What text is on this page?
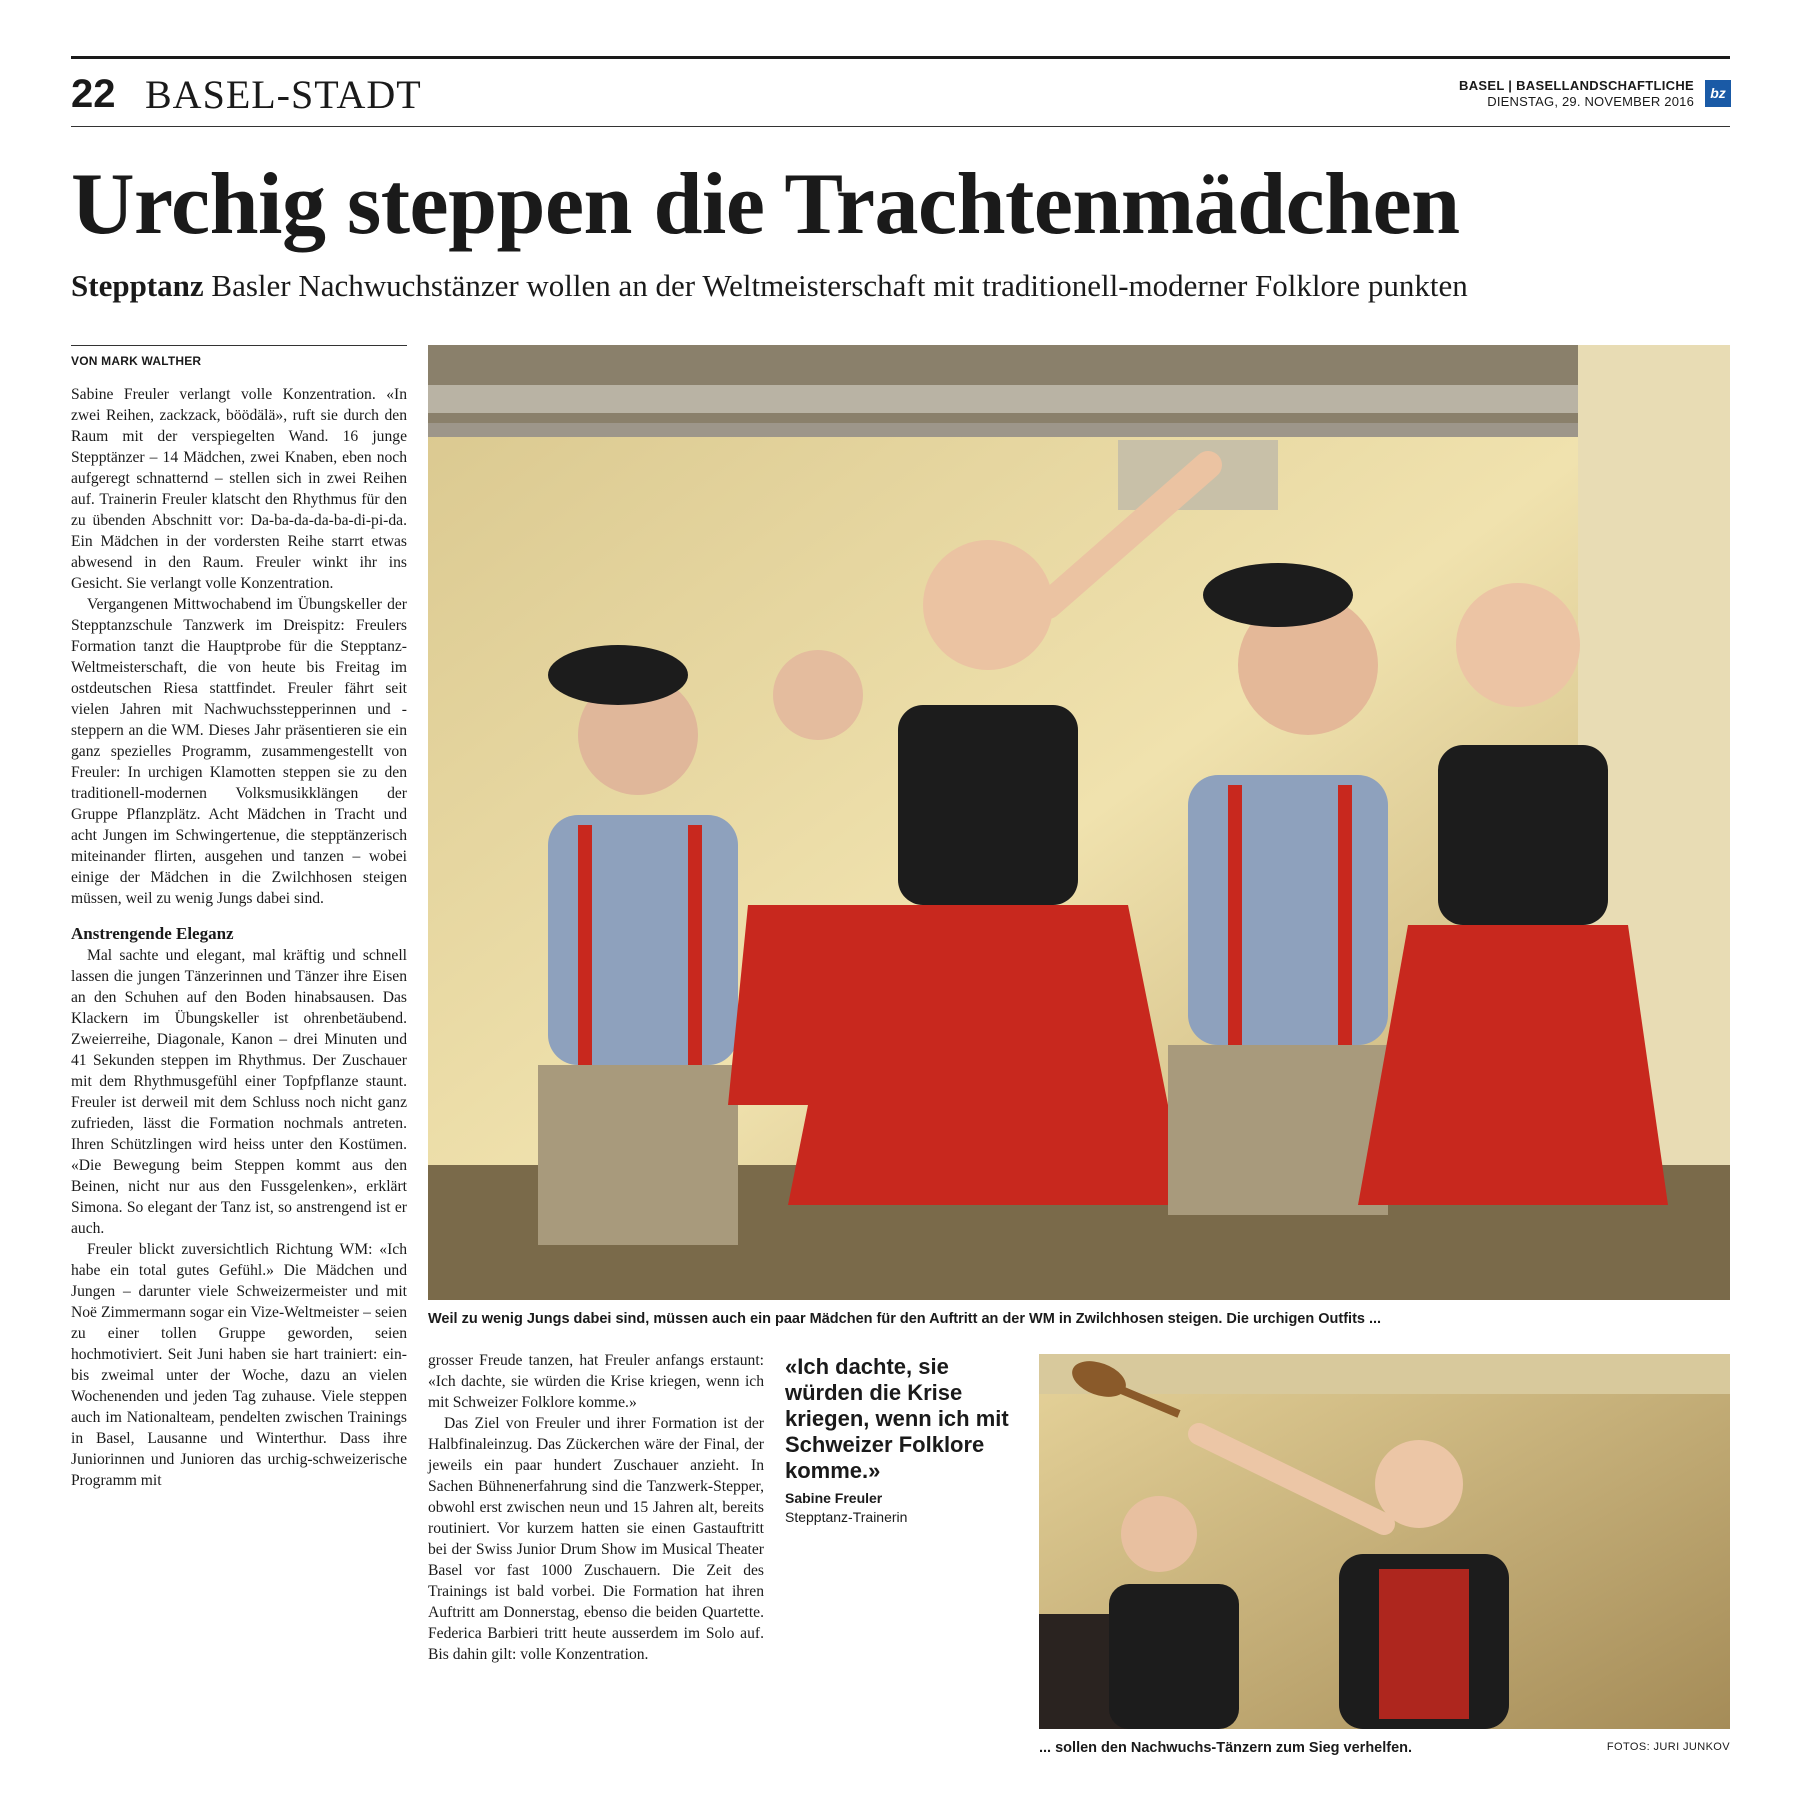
22 BASEL-STADT	BASEL | BASELLANDSCHAFTLICHE
DIENSTAG, 29. NOVEMBER 2016
bz
Urchig steppen die Trachtenmädchen
Stepptanz Basler Nachwuchstänzer wollen an der Weltmeisterschaft mit traditionell-moderner Folklore punkten
VON MARK WALTHER

Sabine Freuler verlangt volle Konzentration. «In zwei Reihen, zackzack, böödälä», ruft sie durch den Raum mit der verspiegelten Wand. 16 junge Stepptänzer – 14 Mädchen, zwei Knaben, eben noch aufgeregt schnatternd – stellen sich in zwei Reihen auf. Trainerin Freuler klatscht den Rhythmus für den zu übenden Abschnitt vor: Da-ba-da-da-ba-di-pi-da. Ein Mädchen in der vordersten Reihe starrt etwas abwesend in den Raum. Freuler winkt ihr ins Gesicht. Sie verlangt volle Konzentration.

Vergangenen Mittwochabend im Übungskeller der Stepptanzschule Tanzwerk im Dreispitz: Freulers Formation tanzt die Hauptprobe für die Stepptanz-Weltmeisterschaft, die von heute bis Freitag im ostdeutschen Riesa stattfindet. Freuler fährt seit vielen Jahren mit Nachwuchsstepperinnen und -steppern an die WM. Dieses Jahr präsentieren sie ein ganz spezielles Programm, zusammengestellt von Freuler: In urchigen Klamotten steppen sie zu den traditionell-modernen Volksmusikklängen der Gruppe Pflanzplätz. Acht Mädchen in Tracht und acht Jungen im Schwingertenue, die stepptänzerisch miteinander flirten, ausgehen und tanzen – wobei einige der Mädchen in die Zwilchhosen steigen müssen, weil zu wenig Jungs dabei sind.

Anstrengende Eleganz

Mal sachte und elegant, mal kräftig und schnell lassen die jungen Tänzerinnen und Tänzer ihre Eisen an den Schuhen auf den Boden hinabsausen. Das Klackern im Übungskeller ist ohrenbetäubend. Zweierreihe, Diagonale, Kanon – drei Minuten und 41 Sekunden steppen im Rhythmus. Der Zuschauer mit dem Rhythmusgefühl einer Topfpflanze staunt. Freuler ist derweil mit dem Schluss noch nicht ganz zufrieden, lässt die Formation nochmals antreten. Ihren Schützlingen wird heiss unter den Kostümen. «Die Bewegung beim Steppen kommt aus den Beinen, nicht nur aus den Fussgelenken», erklärt Simona. So elegant der Tanz ist, so anstrengend ist er auch.

Freuler blickt zuversichtlich Richtung WM: «Ich habe ein total gutes Gefühl.» Die Mädchen und Jungen – darunter viele Schweizermeister und mit Noë Zimmermann sogar ein Vize-Weltmeister – seien zu einer tollen Gruppe geworden, seien hochmotiviert. Seit Juni haben sie hart trainiert: ein- bis zweimal unter der Woche, dazu an vielen Wochenenden und jeden Tag zuhause. Viele steppen auch im Nationalteam, pendelten zwischen Trainings in Basel, Lausanne und Winterthur. Dass ihre Juniorinnen und Junioren das urchig-schweizerische Programm mit

Weil zu wenig Jungs dabei sind, müssen auch ein paar Mädchen für den Auftritt an der WM in Zwilchhosen steigen. Die urchigen Outfits ...

grosser Freude tanzen, hat Freuler anfangs erstaunt: «Ich dachte, sie würden die Krise kriegen, wenn ich mit Schweizer Folklore komme.»

Das Ziel von Freuler und ihrer Formation ist der Halbfinaleinzug. Das Zückerchen wäre der Final, der jeweils ein paar hundert Zuschauer anzieht. In Sachen Bühnenerfahrung sind die Tanzwerk-Stepper, obwohl erst zwischen neun und 15 Jahren alt, bereits routiniert. Vor kurzem hatten sie einen Gastauftritt bei der Swiss Junior Drum Show im Musical Theater Basel vor fast 1000 Zuschauern. Die Zeit des Trainings ist bald vorbei. Die Formation hat ihren Auftritt am Donnerstag, ebenso die beiden Quartette. Federica Barbieri tritt heute ausserdem im Solo auf. Bis dahin gilt: volle Konzentration.

«Ich dachte, sie würden die Krise kriegen, wenn ich mit Schweizer Folklore komme.»
Sabine Freuler
Stepptanz-Trainerin
... sollen den Nachwuchs-Tänzern zum Sieg verhelfen.	FOTOS: JURI JUNKOV
